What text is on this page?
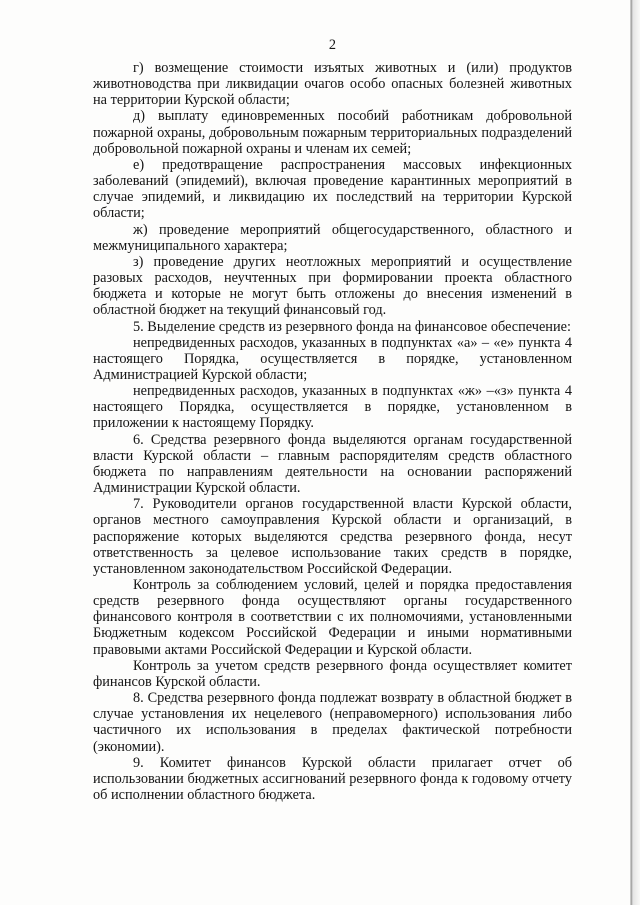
2

г) возмещение стоимости изъятых животных и (или) продуктов животноводства при ликвидации очагов особо опасных болезней животных на территории Курской области;

д) выплату единовременных пособий работникам добровольной пожарной охраны, добровольным пожарным территориальных подразделений добровольной пожарной охраны и членам их семей;

е) предотвращение распространения массовых инфекционных заболеваний (эпидемий), включая проведение карантинных мероприятий в случае эпидемий, и ликвидацию их последствий на территории Курской области;

ж) проведение мероприятий общегосударственного, областного и межмуниципального характера;

з) проведение других неотложных мероприятий и осуществление разовых расходов, неучтенных при формировании проекта областного бюджета и которые не могут быть отложены до внесения изменений в областной бюджет на текущий финансовый год.

5. Выделение средств из резервного фонда на финансовое обеспечение:

непредвиденных расходов, указанных в подпунктах «а» – «е» пункта 4 настоящего Порядка, осуществляется в порядке, установленном Администрацией Курской области;

непредвиденных расходов, указанных в подпунктах «ж» –«з» пункта 4 настоящего Порядка, осуществляется в порядке, установленном в приложении к настоящему Порядку.

6. Средства резервного фонда выделяются органам государственной власти Курской области – главным распорядителям средств областного бюджета по направлениям деятельности на основании распоряжений Администрации Курской области.

7. Руководители органов государственной власти Курской области, органов местного самоуправления Курской области и организаций, в распоряжение которых выделяются средства резервного фонда, несут ответственность за целевое использование таких средств в порядке, установленном законодательством Российской Федерации.

Контроль за соблюдением условий, целей и порядка предоставления средств резервного фонда осуществляют органы государственного финансового контроля в соответствии с их полномочиями, установленными Бюджетным кодексом Российской Федерации и иными нормативными правовыми актами Российской Федерации и Курской области.

Контроль за учетом средств резервного фонда осуществляет комитет финансов Курской области.

8. Средства резервного фонда подлежат возврату в областной бюджет в случае установления их нецелевого (неправомерного) использования либо частичного их использования в пределах фактической потребности (экономии).

9. Комитет финансов Курской области прилагает отчет об использовании бюджетных ассигнований резервного фонда к годовому отчету об исполнении областного бюджета.
